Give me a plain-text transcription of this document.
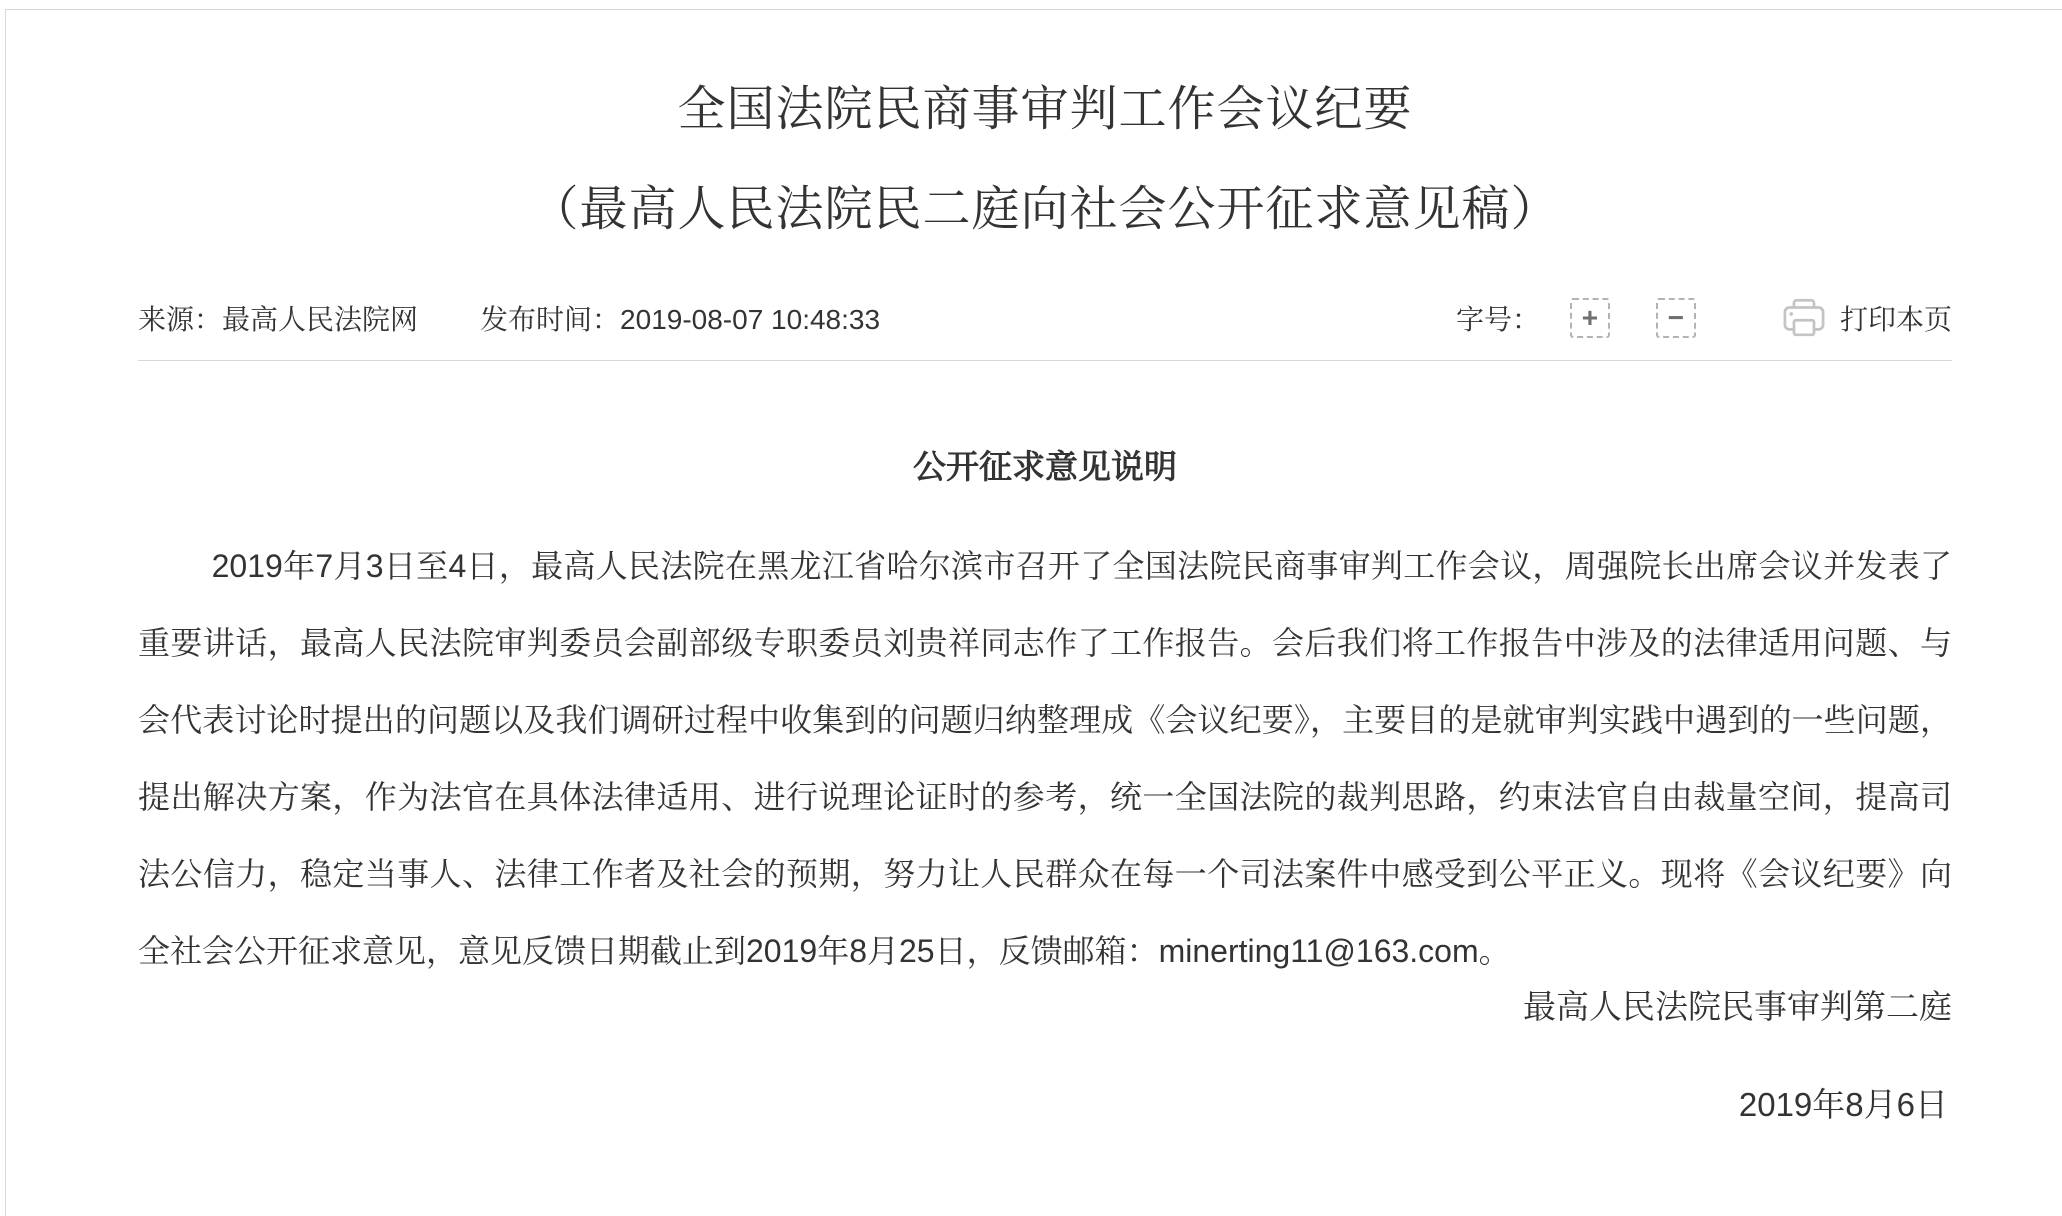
全国法院民商事审判工作会议纪要
（最高人民法院民二庭向社会公开征求意见稿）
来源： 最高人民法院网 发布时间：2019-08-07 10:48:33	字号： + −	打印本页
公开征求意见说明

2019年7月3日至4日，最高人民法院在黑龙江省哈尔滨市召开了全国法院民商事审判工作会议，周强院长出席会议并发表了重要讲话，最高人民法院审判委员会副部级专职委员刘贵祥同志作了工作报告。会后我们将工作报告中涉及的法律适用问题、与会代表讨论时提出的问题以及我们调研过程中收集到的问题归纳整理成《会议纪要》，主要目的是就审判实践中遇到的一些问题，提出解决方案，作为法官在具体法律适用、进行说理论证时的参考，统一全国法院的裁判思路，约束法官自由裁量空间，提高司法公信力，稳定当事人、法律工作者及社会的预期，努力让人民群众在每一个司法案件中感受到公平正义。现将《会议纪要》向全社会公开征求意见，意见反馈日期截止到2019年8月25日，反馈邮箱：minerting11@163.com。

最高人民法院民事审判第二庭
2019年8月6日
